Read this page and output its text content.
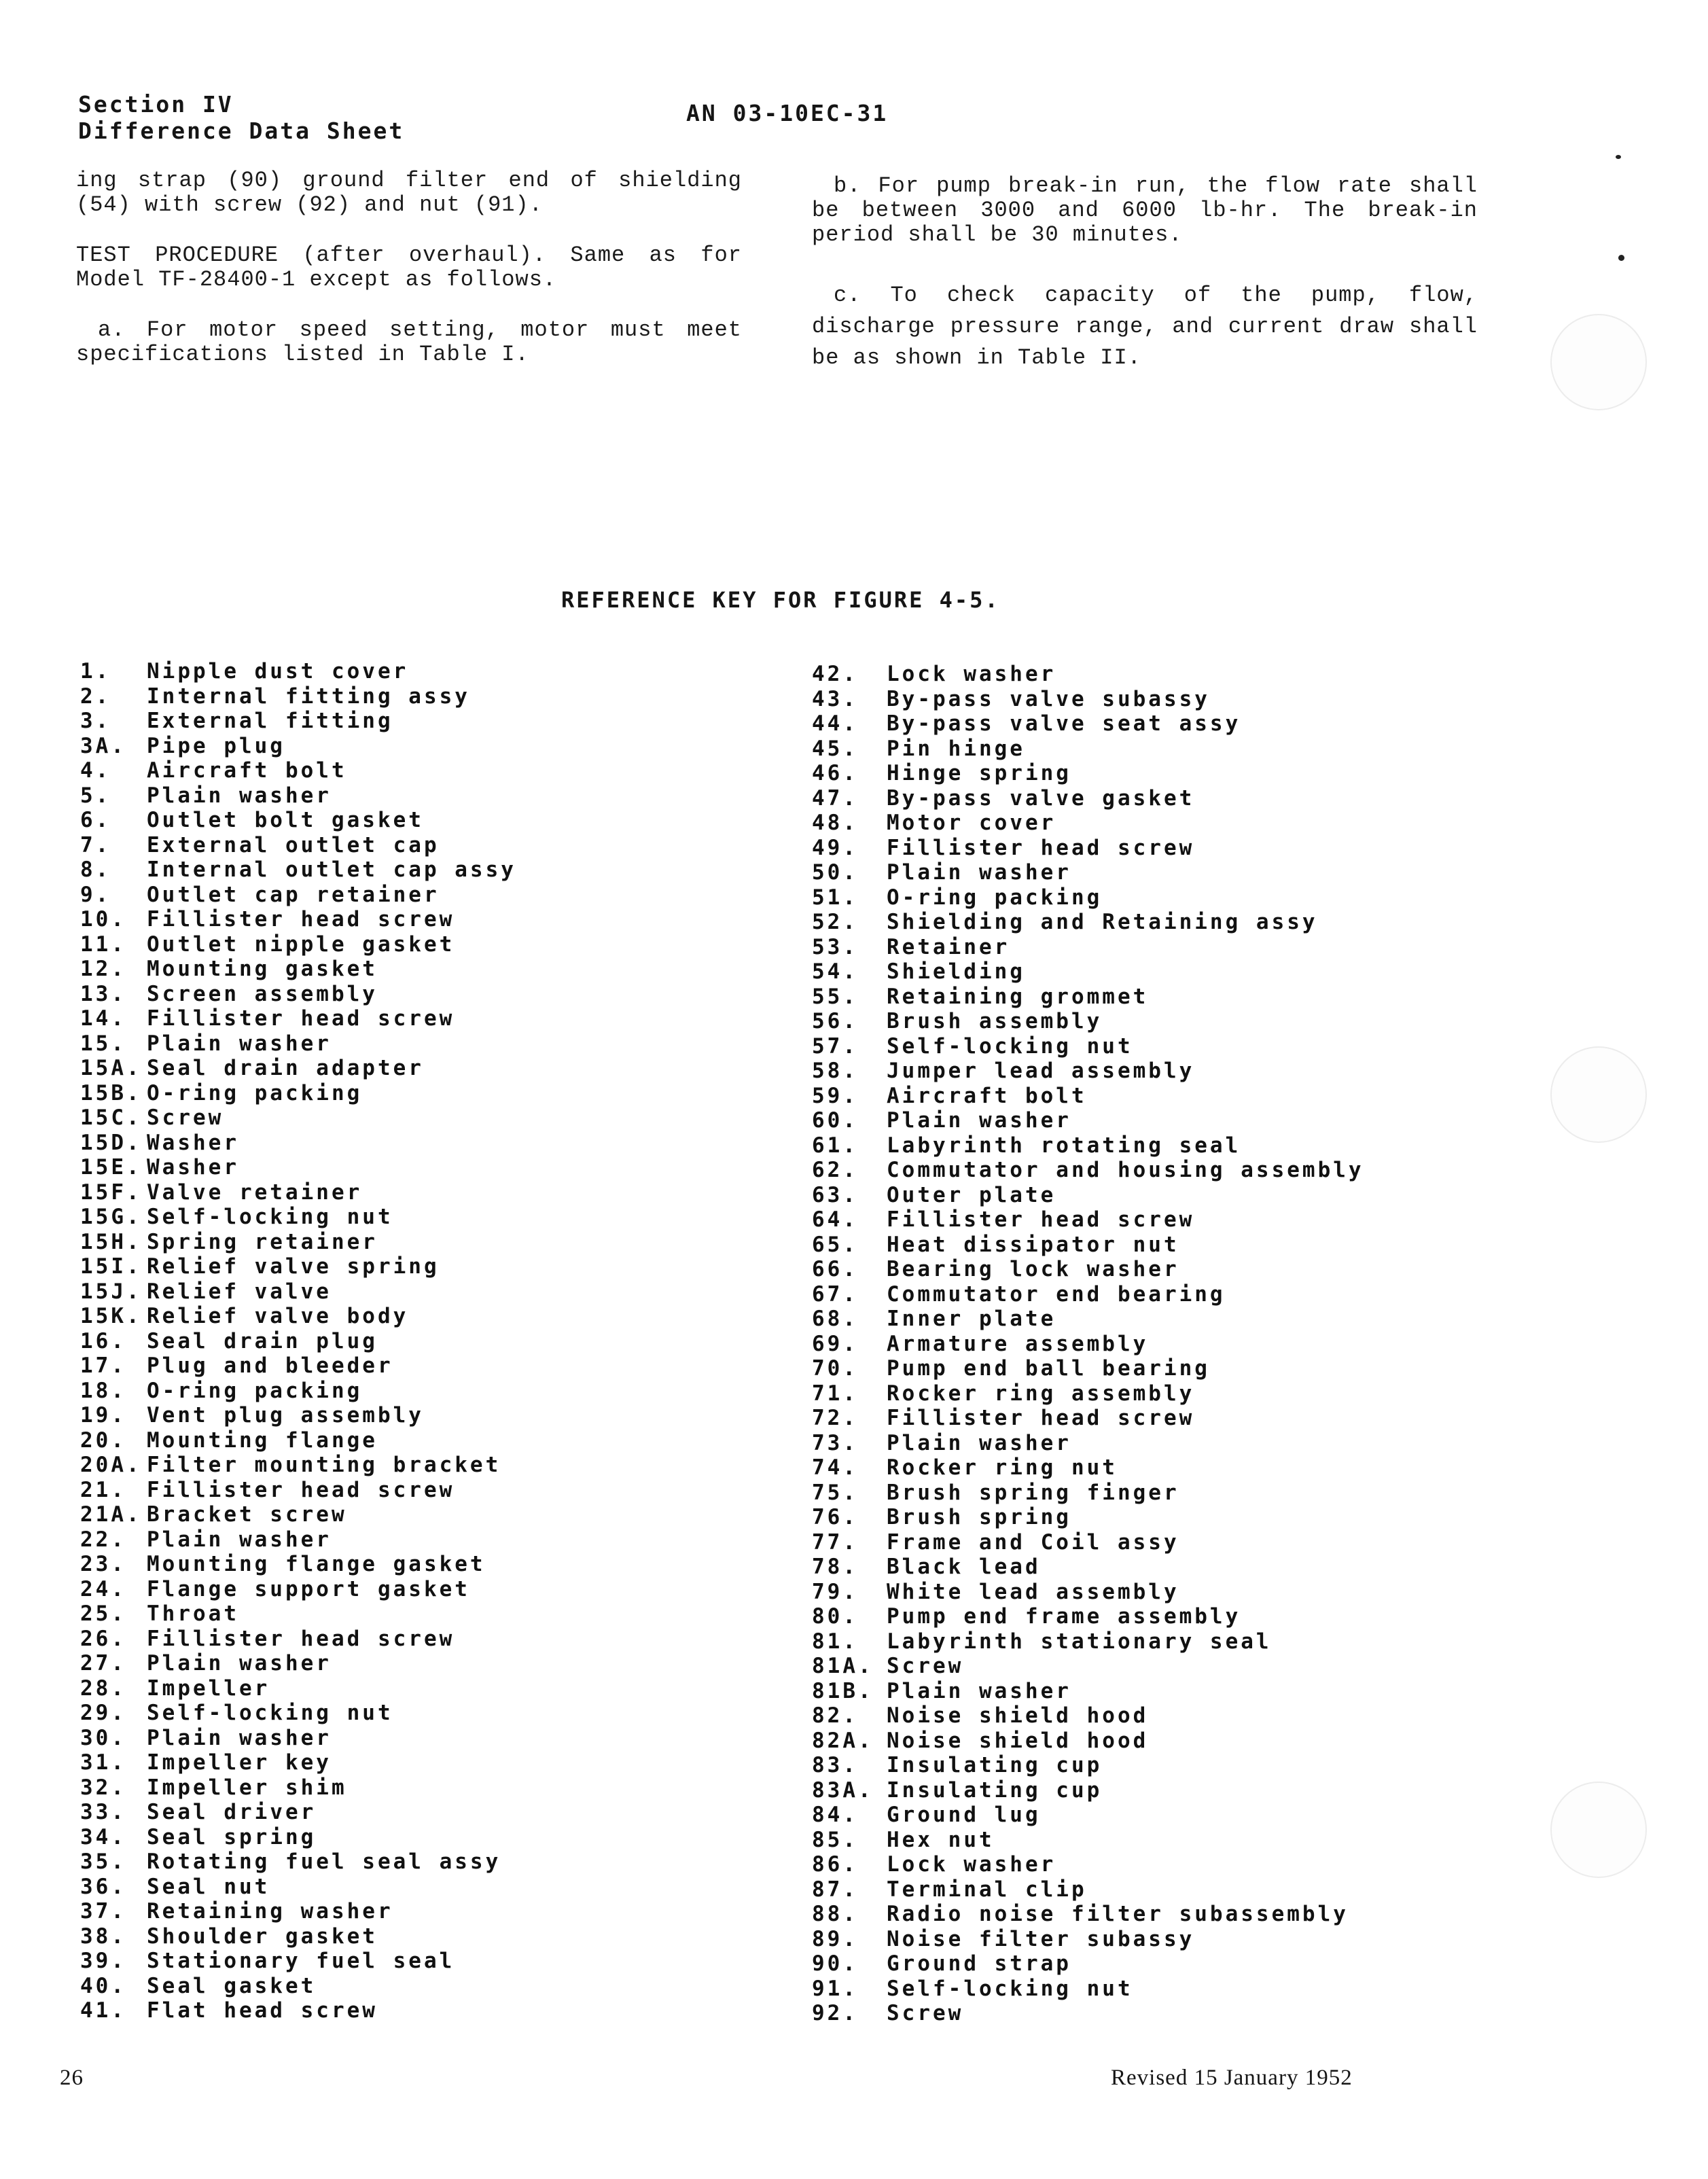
Section IV
Difference Data Sheet
AN 03-10EC-31

ing strap (90) ground filter end of shielding (54) with screw (92) and nut (91).

TEST PROCEDURE (after overhaul). Same as for Model TF-28400-1 except as follows.

a. For motor speed setting, motor must meet specifications listed in Table I.

b. For pump break-in run, the flow rate shall be between 3000 and 6000 lb-hr. The break-in period shall be 30 minutes.

c. To check capacity of the pump, flow, discharge pressure range, and current draw shall be as shown in Table II.

REFERENCE KEY FOR FIGURE 4-5.
1. Nipple dust cover
2. Internal fitting assy
3. External fitting
3A. Pipe plug
4. Aircraft bolt
5. Plain washer
6. Outlet bolt gasket
7. External outlet cap
8. Internal outlet cap assy
9. Outlet cap retainer
10. Fillister head screw
11. Outlet nipple gasket
12. Mounting gasket
13. Screen assembly
14. Fillister head screw
15. Plain washer
15A. Seal drain adapter
15B. O-ring packing
15C. Screw
15D. Washer
15E. Washer
15F. Valve retainer
15G. Self-locking nut
15H. Spring retainer
15I. Relief valve spring
15J. Relief valve
15K. Relief valve body
16. Seal drain plug
17. Plug and bleeder
18. O-ring packing
19. Vent plug assembly
20. Mounting flange
20A. Filter mounting bracket
21. Fillister head screw
21A. Bracket screw
22. Plain washer
23. Mounting flange gasket
24. Flange support gasket
25. Throat
26. Fillister head screw
27. Plain washer
28. Impeller
29. Self-locking nut
30. Plain washer
31. Impeller key
32. Impeller shim
33. Seal driver
34. Seal spring
35. Rotating fuel seal assy
36. Seal nut
37. Retaining washer
38. Shoulder gasket
39. Stationary fuel seal
40. Seal gasket
41. Flat head screw
42. Lock washer
43. By-pass valve subassy
44. By-pass valve seat assy
45. Pin hinge
46. Hinge spring
47. By-pass valve gasket
48. Motor cover
49. Fillister head screw
50. Plain washer
51. O-ring packing
52. Shielding and Retaining assy
53. Retainer
54. Shielding
55. Retaining grommet
56. Brush assembly
57. Self-locking nut
58. Jumper lead assembly
59. Aircraft bolt
60. Plain washer
61. Labyrinth rotating seal
62. Commutator and housing assembly
63. Outer plate
64. Fillister head screw
65. Heat dissipator nut
66. Bearing lock washer
67. Commutator end bearing
68. Inner plate
69. Armature assembly
70. Pump end ball bearing
71. Rocker ring assembly
72. Fillister head screw
73. Plain washer
74. Rocker ring nut
75. Brush spring finger
76. Brush spring
77. Frame and Coil assy
78. Black lead
79. White lead assembly
80. Pump end frame assembly
81. Labyrinth stationary seal
81A. Screw
81B. Plain washer
82. Noise shield hood
82A. Noise shield hood
83. Insulating cup
83A. Insulating cup
84. Ground lug
85. Hex nut
86. Lock washer
87. Terminal clip
88. Radio noise filter subassembly
89. Noise filter subassy
90. Ground strap
91. Self-locking nut
92. Screw
26	Revised 15 January 1952
